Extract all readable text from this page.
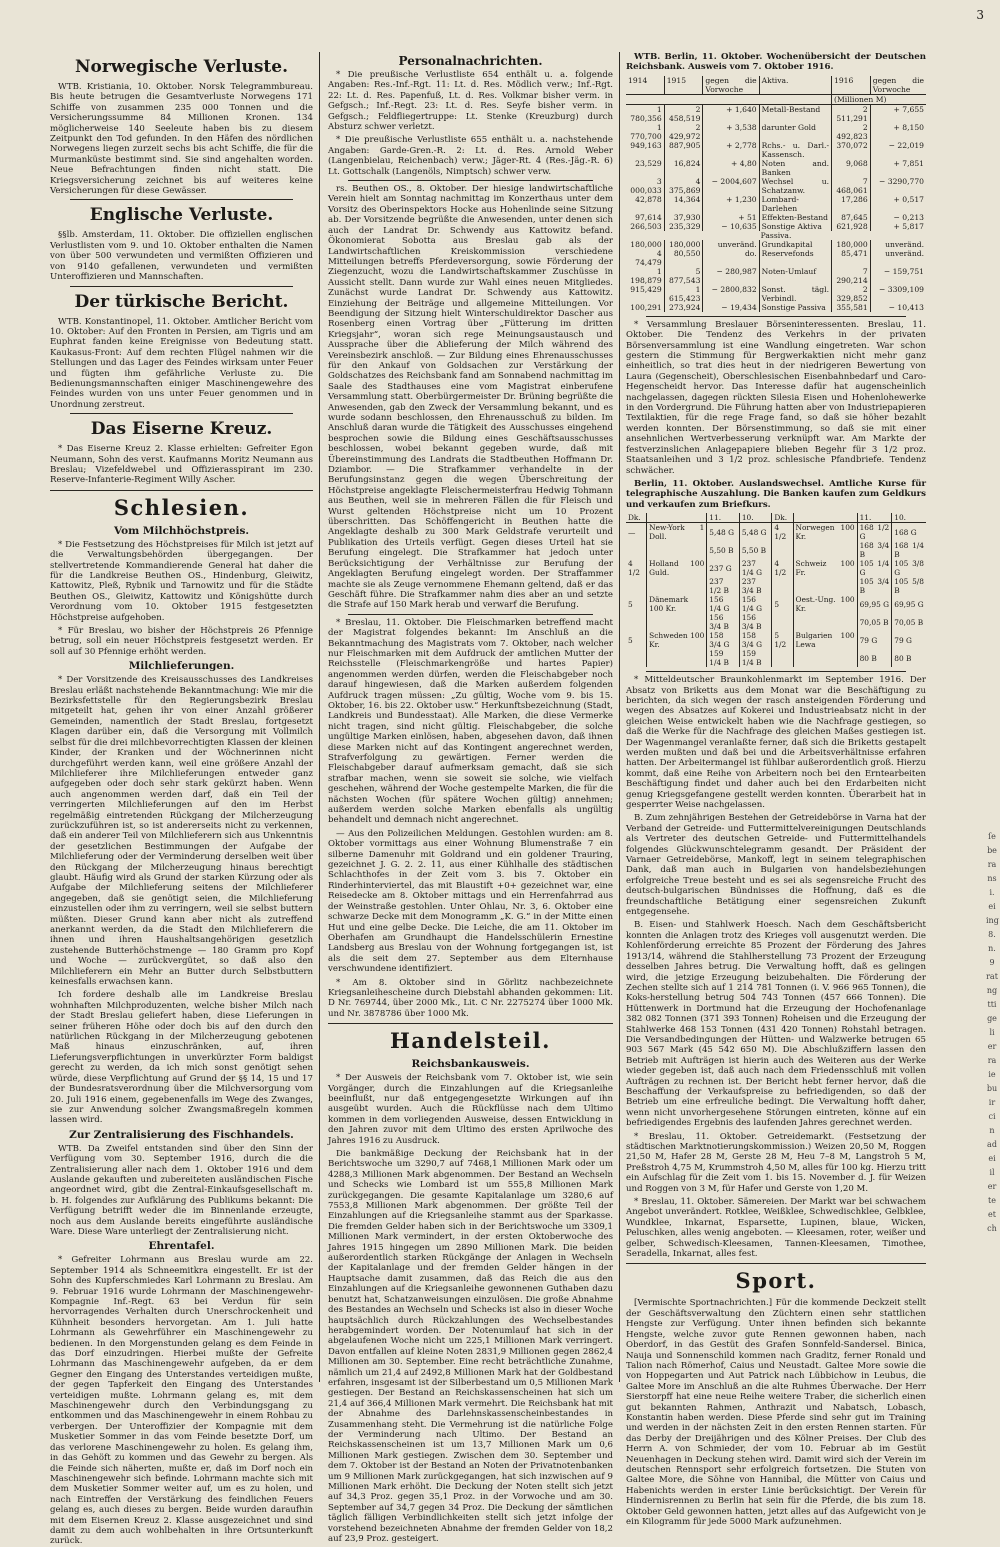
3
Norwegische Verluste.

WTB. Kristiania, 10. Oktober. Norsk Telegrammbureau. Bis heute betrugen die Gesamtverluste Norwegens 171 Schiffe von zusammen 235 000 Tonnen und die Versicherungssumme 84 Millionen Kronen. 134 möglicherweise 140 Seeleute haben bis zu diesem Zeitpunkt den Tod gefunden. In den Häfen des nördlichen Norwegens liegen zurzeit sechs bis acht Schiffe, die für die Murmanküste bestimmt sind. Sie sind angehalten worden. Neue Befrachtungen finden nicht statt. Die Kriegsversicherung zeichnet bis auf weiteres keine Versicherungen für diese Gewässer.

Englische Verluste.

§§lb. Amsterdam, 11. Oktober. Die offiziellen englischen Verlustlisten vom 9. und 10. Oktober enthalten die Namen von über 500 verwundeten und vermißten Offizieren und von 9140 gefallenen, verwundeten und vermißten Unteroffizieren und Mannschaften.

Der türkische Bericht.

WTB. Konstantinopel, 11. Oktober. Amtlicher Bericht vom 10. Oktober: Auf den Fronten in Persien, am Tigris und am Euphrat fanden keine Ereignisse von Bedeutung statt. Kaukasus-Front: Auf dem rechten Flügel nahmen wir die Stellungen und das Lager des Feindes wirksam unter Feuer und fügten ihm gefährliche Verluste zu. Die Bedienungsmannschaften einiger Maschinengewehre des Feindes wurden von uns unter Feuer genommen und in Unordnung zerstreut.

Das Eiserne Kreuz.

* Das Eiserne Kreuz 2. Klasse erhielten: Gefreiter Egon Neumann, Sohn des verst. Kaufmanns Moritz Neumann aus Breslau; Vizefeldwebel und Offizierasspirant im 230. Reserve-Infanterie-Regiment Willy Ascher.

Schlesien.
Vom Milchhöchstpreis.

* Die Festsetzung des Höchstpreises für Milch ist jetzt auf die Verwaltungsbehörden übergegangen. Der stellvertretende Kommandierende General hat daher die für die Landkreise Beuthen OS., Hindenburg, Gleiwitz, Kattowitz, Pleß, Rybnik und Tarnowitz und für die Städte Beuthen OS., Gleiwitz, Kattowitz und Königshütte durch Verordnung vom 10. Oktober 1915 festgesetzten Höchstpreise aufgehoben.

* Für Breslau, wo bisher der Höchstpreis 26 Pfennige betrug, soll ein neuer Höchstpreis festgesetzt werden. Er soll auf 30 Pfennige erhöht werden.

Milchlieferungen.

* Der Vorsitzende des Kreisausschusses des Landkreises Breslau erläßt nachstehende Bekanntmachung: Wie mir die Bezirksfettstelle für den Regierungsbezirk Breslau mitgeteilt hat, gehen ihr von einer Anzahl größerer Gemeinden, namentlich der Stadt Breslau, fortgesetzt Klagen darüber ein, daß die Versorgung mit Vollmilch selbst für die drei milchbevorrechtigten Klassen der kleinen Kinder, der Kranken und der Wöchnerinnen nicht durchgeführt werden kann, weil eine größere Anzahl der Milchlieferer ihre Milchlieferungen entweder ganz aufgegeben oder doch sehr stark gekürzt haben. Wenn auch angenommen werden darf, daß ein Teil der verringerten Milchlieferungen auf den im Herbst regelmäßig eintretenden Rückgang der Milcherzeugung zurückzuführen ist, so ist andererseits nicht zu verkennen, daß ein anderer Teil von Milchlieferern sich aus Unkenntnis der gesetzlichen Bestimmungen der Aufgabe der Milchlieferung oder der Verminderung derselben weit über den Rückgang der Milcherzeugung hinaus berechtigt glaubt. Häufig wird als Grund der starken Kürzung oder als Aufgabe der Milchlieferung seitens der Milchlieferer angegeben, daß sie genötigt seien, die Milchlieferung einzustellen oder ihm zu verringern, weil sie selbst buttern müßten. Dieser Grund kann aber nicht als zutreffend anerkannt werden, da die Stadt den Milchlieferern die ihnen und ihren Haushaltsangehörigen gesetzlich zustehende Butterhöchstmenge — 180 Gramm pro Kopf und Woche — zurückvergütet, so daß also den Milchlieferern ein Mehr an Butter durch Selbstbuttern keinesfalls erwachsen kann.

Ich fordere deshalb alle im Landkreise Breslau wohnhaften Milchproduzenten, welche bisher Milch nach der Stadt Breslau geliefert haben, diese Lieferungen in seiner früheren Höhe oder doch bis auf den durch den natürlichen Rückgang in der Milcherzeugung gebotenen Maß hinaus einzuschränken, auf, ihren Lieferungsverpflichtungen in unverkürzter Form baldigst gerecht zu werden, da ich mich sonst genötigt sehen würde, diese Verpflichtung auf Grund der §§ 14, 15 und 17 der Bundesratsverordnung über die Milchversorgung vom 20. Juli 1916 einem, gegebenenfalls im Wege des Zwanges, sie zur Anwendung solcher Zwangsmaßregeln kommen lassen wird.

Zur Zentralisierung des Fischhandels.

WTB. Da Zweifel entstanden sind über den Sinn der Verfügung vom 30. September 1916, durch die die Zentralisierung aller nach dem 1. Oktober 1916 und dem Auslande gekauften und zubereiteten ausländischen Fische angeordnet wird, gibt die Zentral-Einkaufsgesellschaft m. b. H. folgendes zur Aufklärung des Publikums bekannt: Die Verfügung betrifft weder die im Binnenlande erzeugte, noch aus dem Auslande bereits eingeführte ausländische Ware. Diese Ware unterliegt der Zentralisierung nicht.

Ehrentafel.

* Gefreiter Lohrmann aus Breslau wurde am 22. September 1914 als Schneemitkra eingestellt. Er ist der Sohn des Kupferschmiedes Karl Lohrmann zu Breslau. Am 9. Februar 1916 wurde Lohrmann der Maschinengewehr-Kompagnie Inf.-Regt. 63 bei Verdun für sein hervorragendes Verhalten durch Unerschrockenheit und Kühnheit besonders hervorgetan. Am 1. Juli hatte Lohrmann als Gewehrführer ein Maschinengewehr zu bedienen. In den Morgenstunden gelang es dem Feinde in das Dorf einzudringen. Hierbei mußte der Gefreite Lohrmann das Maschinengewehr aufgeben, da er dem Gegner den Eingang des Unterstandes verteidigen mußte, der gegen Tapferkeit den Eingang des Unterstandes verteidigen mußte. Lohrmann gelang es, mit dem Maschinengewehr durch den Verbindungsgang zu entkommen und das Maschinengewehr in einem Rohbau zu verbergen. Der Unteroffizier der Kompagnie mit dem Musketier Sommer in das vom Feinde besetzte Dorf, um das verlorene Maschinengewehr zu holen. Es gelang ihm, in das Gehöft zu kommen und das Gewehr zu bergen. Als die Feinde sich näherten, mußte er, daß im Dorf noch ein Maschinengewehr sich befinde. Lohrmann machte sich mit dem Musketier Sommer weiter auf, um es zu holen, und nach Eintreffen der Verstärkung des feindlichen Feuers gelang es, auch dieses zu bergen. Beide wurden daraufhin mit dem Eisernen Kreuz 2. Klasse ausgezeichnet und sind damit zu dem auch wohlbehalten in ihre Ortsunterkunft zurück.

Personalnachrichten.

* Die preußische Verlustliste 654 enthält u. a. folgende Angaben: Res.-Inf.-Rgt. 11: Lt. d. Res. Mödlich verw.; Inf.-Rgt. 22: Lt. d. Res. Papenfuß, Lt. d. Res. Volkmar bisher verm. in Gefgsch.; Inf.-Regt. 23: Lt. d. Res. Seyfe bisher verm. in Gefgsch.; Feldfliegertruppe: Lt. Stenke (Kreuzburg) durch Absturz schwer verletzt.

* Die preußische Verlustliste 655 enthält u. a. nachstehende Angaben: Garde-Gren.-R. 2: Lt. d. Res. Arnold Weber (Langenbielau, Reichenbach) verw.; Jäger-Rt. 4 (Res.-Jäg.-R. 6) Lt. Gottschalk (Langenöls, Nimptsch) schwer verw.

rs. Beuthen OS., 8. Oktober. Der hiesige landwirtschaftliche Verein hielt am Sonntag nachmittag im Konzerthaus unter dem Vorsitz des Oberinspektors Hocke aus Hohenlinde seine Sitzung ab. Der Vorsitzende begrüßte die Anwesenden, unter denen sich auch der Landrat Dr. Schwendy aus Kattowitz befand. Ökonomierat Sobotta aus Breslau gab als der Landwirtschaftlichen Kreiskommission verschiedene Mitteilungen betreffs Pferdeversorgung, sowie Förderung der Ziegenzucht, wozu die Landwirtschaftskammer Zuschüsse in Aussicht stellt. Dann wurde zur Wahl eines neuen Mitgliedes. Zunächst wurde Landrat Dr. Schwendy aus Kattowitz. Einziehung der Beiträge und allgemeine Mitteilungen. Vor Beendigung der Sitzung hielt Winterschuldirektor Dascher aus Rosenberg einen Vortrag über „Fütterung im dritten Kriegsjahr“, woran sich rege Meinungsaustausch und Aussprache über die Ablieferung der Milch während des Vereinsbezirk anschloß. — Zur Bildung eines Ehrenausschusses für den Ankauf von Goldsachen zur Verstärkung der Goldschatzes des Reichsbank fand am Sonnabend nachmittag im Saale des Stadthauses eine vom Magistrat einberufene Versammlung statt. Oberbürgermeister Dr. Brüning begrüßte die Anwesenden, gab den Zweck der Versammlung bekannt, und es wurde sodann beschlossen, den Ehrenausschuß zu bilden. Im Anschluß daran wurde die Tätigkeit des Ausschusses eingehend besprochen sowie die Bildung eines Geschäftsausschusses beschlossen, wobei bekannt gegeben wurde, daß mit Übereinstimmung des Landrats die Stadtbeuthen Hoffmann Dr. Dziambor. — Die Strafkammer verhandelte in der Berufungsinstanz gegen die wegen Überschreitung der Höchstpreise angeklagte Fleischermeisterfrau Hedwig Tohmann aus Beuthen, weil sie in mehreren Fällen die für Fleisch und Wurst geltenden Höchstpreise nicht um 10 Prozent überschritten. Das Schöffengericht in Beuthen hatte die Angeklagte deshalb zu 300 Mark Geldstrafe verurteilt und Publikation des Urteils verfügt. Gegen dieses Urteil hat sie Berufung eingelegt. Die Strafkammer hat jedoch unter Berücksichtigung der Verhältnisse zur Berufung der Angeklagten Berufung eingelegt worden. Der Straffammer machte sie als Zeuge vernommene Ehemann geltend, daß er das Geschäft führe. Die Strafkammer nahm dies aber an und setzte die Strafe auf 150 Mark herab und verwarf die Berufung.

* Breslau, 11. Oktober. Die Fleischmarken betreffend macht der Magistrat folgendes bekannt: Im Anschluß an die Bekanntmachung des Magistrats vom 7. Oktober, nach welcher nur Fleischmarken mit dem Aufdruck der amtlichen Mutter der Reichsstelle (Fleischmarkengröße und hartes Papier) angenommen werden dürfen, werden die Fleischabgeber noch darauf hingewiesen, daß die Marken außerdem folgenden Aufdruck tragen müssen: „Zu gültig, Woche vom 9. bis 15. Oktober, 16. bis 22. Oktober usw.“ Herkunftsbezeichnung (Stadt, Landkreis und Bundesstaat). Alle Marken, die diese Vermerke nicht tragen, sind nicht gültig. Fleischabgeber, die solche ungültige Marken einlösen, haben, abgesehen davon, daß ihnen diese Marken nicht auf das Kontingent angerechnet werden, Strafverfolgung zu gewärtigen. Ferner werden die Fleischabgeber darauf aufmerksam gemacht, daß sie sich strafbar machen, wenn sie soweit sie solche, wie vielfach geschehen, während der Woche gestempelte Marken, die für die nächsten Wochen (für spätere Wochen gültig) annehmen; außerdem werden solche Marken ebenfalls als ungültig behandelt und demnach nicht angerechnet.

— Aus den Polizeilichen Meldungen. Gestohlen wurden: am 8. Oktober vormittags aus einer Wohnung Blumenstraße 7 ein silberne Damenuhr mit Goldrand und ein goldener Trauring, gezeichnet J. G. 2. 2. 11, aus einer Kühlhalle des städtischen Schlachthofes in der Zeit vom 3. bis 7. Oktober ein Rinderhinterviertel, das mit Blaustift +0+ gezeichnet war, eine Reisedecke am 8. Oktober mittags und ein Herrenfahrrad aus der Weinstraße gestohlen. Unter Ohlau, Nr. 3, 6. Oktober eine schwarze Decke mit dem Monogramm „K. G.“ in der Mitte einen Hut und eine gelbe Decke. Die Leiche, die am 11. Oktober im Oberhafen am Grundhaupt die Handelsschülerin Ernestine Landsberg aus Breslau von der Wohnung fortgegangen ist, ist als die seit dem 27. September aus dem Elternhause verschwundene identifiziert.

* Am 8. Oktober sind in Görlitz nachbezeichnete Kriegsanleihescheine durch Diebstahl abhanden gekommen: Lit. D Nr. 769744, über 2000 Mk., Lit. C Nr. 2275274 über 1000 Mk. und Nr. 3878786 über 1000 Mk.

Handelsteil.
Reichsbankausweis.

* Der Ausweis der Reichsbank vom 7. Oktober ist, wie sein Vorgänger, durch die Einzahlungen auf die Kriegsanleihe beeinflußt, nur daß entgegengesetzte Wirkungen auf ihn ausgeübt wurden. Auch die Rückflüsse nach dem Ultimo kommen in dem vorliegenden Ausweise, dessen Entwicklung in den Jahren zuvor mit dem Ultimo des ersten Aprilwoche des Jahres 1916 zu Ausdruck.

Die bankmäßige Deckung der Reichsbank hat in der Berichtswoche um 3290,7 auf 7468,1 Millionen Mark oder um 4288,3 Millionen Mark abgenommen. Der Bestand an Wechseln und Schecks wie Lombard ist um 555,8 Millionen Mark zurückgegangen. Die gesamte Kapitalanlage um 3280,6 auf 7553,8 Millionen Mark abgenommen. Der größte Teil der Einzahlungen auf die Kriegsanleihe stammt aus der Sparkasse. Die fremden Gelder haben sich in der Berichtswoche um 3309,1 Millionen Mark vermindert, in der ersten Oktoberwoche des Jahres 1915 hingegen um 2890 Millionen Mark. Die beiden außerordentlich starken Rückgänge der Anlagen in Wechseln der Kapitalanlage und der fremden Gelder hängen in der Hauptsache damit zusammen, daß das Reich die aus den Einzahlungen auf die Kriegsanleihe gewonnenen Guthaben dazu benutzt hat, Schatzanweisungen einzulösen. Die große Abnahme des Bestandes an Wechseln und Schecks ist also in dieser Woche hauptsächlich durch Rückzahlungen des Wechselbestandes herabgemindert worden. Der Notenumlauf hat sich in der abgelaufenen Woche nicht um 225,1 Millionen Mark verringert. Davon entfallen auf kleine Noten 2831,9 Millionen gegen 2862,4 Millionen am 30. September. Eine recht beträchtliche Zunahme, nämlich um 21,4 auf 2492,8 Millionen Mark hat der Goldbestand erfahren, insgesamt ist der Silberbestand um 0,5 Millionen Mark gestiegen. Der Bestand an Reichskassenscheinen hat sich um 21,4 auf 366,4 Millionen Mark vermehrt. Die Reichsbank hat mit der Abnahme des Darlehnskassenscheinbestandes in Zusammenhang steht. Die Vermehrung ist die natürliche Folge der Verminderung nach Ultimo. Der Bestand an Reichskassenscheinen ist um 13,7 Millionen Mark um 0,6 Millionen Mark gestiegen. Zwischen dem 30. September und dem 7. Oktober ist der Bestand an Noten der Privatnotenbanken um 9 Millionen Mark zurückgegangen, hat sich inzwischen auf 9 Millionen Mark erhöht. Die Deckung der Noten stellt sich jetzt auf 34,3 Proz. gegen 35,1 Proz. in der Vorwoche und am 30. September auf 34,7 gegen 34 Proz. Die Deckung der sämtlichen täglich fälligen Verbindlichkeiten stellt sich jetzt infolge der vorstehend bezeichneten Abnahme der fremden Gelder von 18,2 auf 23,9 Proz. gesteigert.

WTB. Berlin, 11. Oktober. Wochenübersicht der Deutschen Reichsbank. Ausweis vom 7. Oktober 1916.

1914	1915	gegen die Vorwoche	Aktiva.	1916	gegen die Vorwoche
				(Millionen M)	
1 780,356	2 458,519	+ 1,640	Metall-Bestand	2 511,291	+ 7,655
1 770,700	2 429,972	+ 3,538	darunter Gold	2 492,823	+ 8,150
949,163	887,905	+ 2,778	Rchs.- u. Darl.-Kassensch.	370,072	− 22,019
23,529	16,824	+ 4,80	Noten and. Banken	9,068	+ 7,851
3 000,033	4 375,869	− 2004,607	Wechsel u. Schatzanw.	7 468,061	− 3290,770
42,878	14,364	+ 1,230	Lombard-Darlehen	17,286	+ 0,517
97,614	37,930	+ 51	Effekten-Bestand	87,645	− 0,213
266,503	235,329	− 10,635	Sonstige Aktiva	621,928	+ 5,817
Passiva.					
180,000	180,000	unveränd.	Grundkapital	180,000	unveränd.
4 74,479	80,550	do.	Reservefonds	85,471	unveränd.
1 198,879	5 877,543	− 280,987	Noten-Umlauf	7 290,214	− 159,751
915,429	1 615,423	− 2800,832	Sonst. tägl. Verbindl.	2 329,852	− 3309,109
100,291	273,924	− 19,434	Sonstige Passiva	355,581	− 10,413

* Versammlung Breslauer Börseninteressenten. Breslau, 11. Oktober. Die Tendenz des Verkehrs in der privaten Börsenversammlung ist eine Wandlung eingetreten. War schon gestern die Stimmung für Bergwerkaktien nicht mehr ganz einheitlich, so trat dies heut in der niedrigeren Bewertung von Laura (Gegenscheit), Oberschlesischen Eisenbahnbedarf und Caro-Hegenscheidt hervor. Das Interesse dafür hat augenscheinlich nachgelassen, dagegen rückten Silesia Eisen und Hohenlohewerke in den Vordergrund. Die Führung hatten aber von Industriepapieren Textilaktien, für die rege Frage fand, so daß sie höher bezahlt werden konnten. Der Börsenstimmung, so daß sie mit einer ansehnlichen Wertverbesserung verknüpft war. Am Markte der festverzinslichen Anlagepapiere blieben Begehr für 3 1/2 proz. Staatsanleihen und 3 1/2 proz. schlesische Pfandbriefe. Tendenz schwächer.

Berlin, 11. Oktober. Auslandswechsel. Amtliche Kurse für telegraphische Auszahlung. Die Banken kaufen zum Geldkurs und verkaufen zum Briefkurs.

Dk.		11.	10.	Dk.		11.	10.
—	New-York 1 Doll.	5,48 G	5,48 G	4 1/2	Norwegen 100 Kr.	168 1/2 G	168 G
		5,50 B	5,50 B			168 3/4 B	168 1/4 B
4 1/2	Holland 100 Guld.	237 G	237 1/4 G	4 1/2	Schweiz 100 Fr.	105 1/4 G	105 3/8 G
		237 1/2 B	237 3/4 B			105 3/4 B	105 5/8 B
5	Dänemark 100 Kr.	156 1/4 G	156 1/4 G	5	Oest.-Ung. 100 Kr.	69,95 G	69,95 G
		156 3/4 B	156 3/4 B			70,05 B	70,05 B
5	Schweden 100 Kr.	158 3/4 G	158 3/4 G	5 1/2	Bulgarien 100 Lewa	79 G	79 G
		159 1/4 B	159 1/4 B			80 B	80 B

* Mitteldeutscher Braunkohlenmarkt im September 1916. Der Absatz von Briketts aus dem Monat war die Beschäftigung zu berichten, da sich wegen der rasch ansteigenden Förderung und wegen des Absatzes auf Kokerei und Industrieabsatz nicht in der gleichen Weise entwickelt haben wie die Nachfrage gestiegen, so daß die Werke für die Nachfrage des gleichen Maßes gestiegen ist. Der Wagenmangel veranlaßte ferner, daß sich die Briketts gestapelt werden mußten und daß bei und die Arbeitsverhältnisse erfahren hatten. Der Arbeitermangel ist fühlbar außerordentlich groß. Hierzu kommt, daß eine Reihe von Arbeitern noch bei den Erntearbeiten Beschäftigung findet und daher auch bei den Erdarbeiten nicht genug Kriegsgefangene gestellt werden konnten. Überarbeit hat in gesperrter Weise nachgelassen.

B. Zum zehnjährigen Bestehen der Getreidebörse in Varna hat der Verband der Getreide- und Futtermittelvereinigungen Deutschlands als Vertreter des deutschen Getreide- und Futtermittelhandels folgendes Glückwunschtelegramm gesandt. Der Präsident der Varnaer Getreidebörse, Mankoff, legt in seinem telegraphischen Dank, daß man auch in Bulgarien von handelsbeziehungen erfolgreiche Treue besteht und es sei als segensreiche Frucht des deutsch-bulgarischen Bündnisses die Hoffnung, daß es die freundschaftliche Betätigung einer segensreichen Zukunft entgegensehe.

B. Eisen- und Stahlwerk Hoesch. Nach dem Geschäftsbericht konnten die Anlagen trotz des Krieges voll ausgenutzt werden. Die Kohlenförderung erreichte 85 Prozent der Förderung des Jahres 1913/14, während die Stahlherstellung 73 Prozent der Erzeugung desselben Jahres betrug. Die Verwaltung hofft, daß es gelingen wird, die jetzige Erzeugung beizubehalten. Die Förderung der Zechen stellte sich auf 1 214 781 Tonnen (i. V. 966 965 Tonnen), die Koks-herstellung betrug 504 743 Tonnen (457 666 Tonnen). Die Hüttenwerk in Dortmund hat die Erzeugung der Hochofenanlage 382 082 Tonnen (371 393 Tonnen) Roheisen und die Erzeugung der Stahlwerke 468 153 Tonnen (431 420 Tonnen) Rohstahl betragen. Die Versandbedingungen der Hütten- und Walzwerke betrugen 65 903 567 Mark (45 542 650 M). Die Abschlußziffern lassen den Betrieb mit Aufträgen ist hierin auch des Weiteren aus der Werke wieder gegeben ist, daß auch nach dem Friedensschluß mit vollen Aufträgen zu rechnen ist. Der Bericht hebt ferner hervor, daß die Beschaffung der Verkaufspreise zu befriedigenden, so daß der Betrieb um eine erfreuliche bedingt. Die Verwaltung hofft daher, wenn nicht unvorhergesehene Störungen eintreten, könne auf ein befriedigendes Ergebnis des laufenden Jahres gerechnet werden.

* Breslau, 11. Oktober. Getreidemarkt. (Festsetzung der städtischen Marktnotierungskommission.) Weizen 20,50 M, Roggen 21,50 M, Hafer 28 M, Gerste 28 M, Heu 7–8 M, Langstroh 5 M, Preßstroh 4,75 M, Krummstroh 4,50 M, alles für 100 kg. Hierzu tritt ein Aufschlag für die Zeit vom 1. bis 15. November d. J. für Weizen und Roggen von 3 M, für Hafer und Gerste von 1,20 M.

* Breslau, 11. Oktober. Sämereien. Der Markt war bei schwachem Angebot unverändert. Rotklee, Weißklee, Schwedischklee, Gelbklee, Wundklee, Inkarnat, Esparsette, Lupinen, blaue, Wicken, Peluschken, alles wenig angeboten. — Kleesamen, roter, weißer und gelber, Schwedisch-Kleesamen, Tannen-Kleesamen, Timothee, Seradella, Inkarnat, alles fest.

Sport.

[Vermischte Sportnachrichten.] Für die kommende Deckzeit stellt der Geschäftsverwaltung den Züchtern einen sehr stattlichen Hengste zur Verfügung. Unter ihnen befinden sich bekannte Hengste, welche zuvor gute Rennen gewonnen haben, nach Oberdorf, in das Gestüt des Grafen Sonnfeld-Sandersel. Binica, Nauja und Sonnenschild kommen nach Graditz, ferner Ronald und Talion nach Römerhof, Caius und Neustadt. Galtee More sowie die von Hoppegarten und Aut Patrick nach Lübbichow in Leubus, die Galtee More im Anschluß an die alte Ruhmes Überwache. Der Herr Sierstorpff hat eine neue Reihe weitere Traber, die sicherlich einen gut bekannten Rahmen, Anthrazit und Nabatsch, Lobasch, Konstantin haben werden. Diese Pferde sind sehr gut im Training und werden in der nächsten Zeit in den ersten Rennen starten. Für das Derby der Dreijährigen und des Kölner Preises. Der Club des Herrn A. von Schmieder, der vom 10. Februar ab im Gestüt Neuenhagen in Deckung stehen wird. Damit wird sich der Verein im deutschen Rennsport sehr erfolgreich fortsetzen. Die Stuten von Galtee More, die Söhne von Hannibal, die Mütter von Caius und Habenichts werden in erster Linie berücksichtigt. Der Verein für Hindernisrennen zu Berlin hat sein für die Pferde, die bis zum 18. Oktober Geld gewonnen hatten, jetzt alles auf das Aufgewicht von je ein Kilogramm für jede 5000 Mark aufzunehmen.

ſe
be
ra
ns
i.
ei
ing
8.
n.
9
rat
ng
tti
ge
li
er
ra
ie
bu
ir
ci
n
ad
ei
il
er
te
et
ch
